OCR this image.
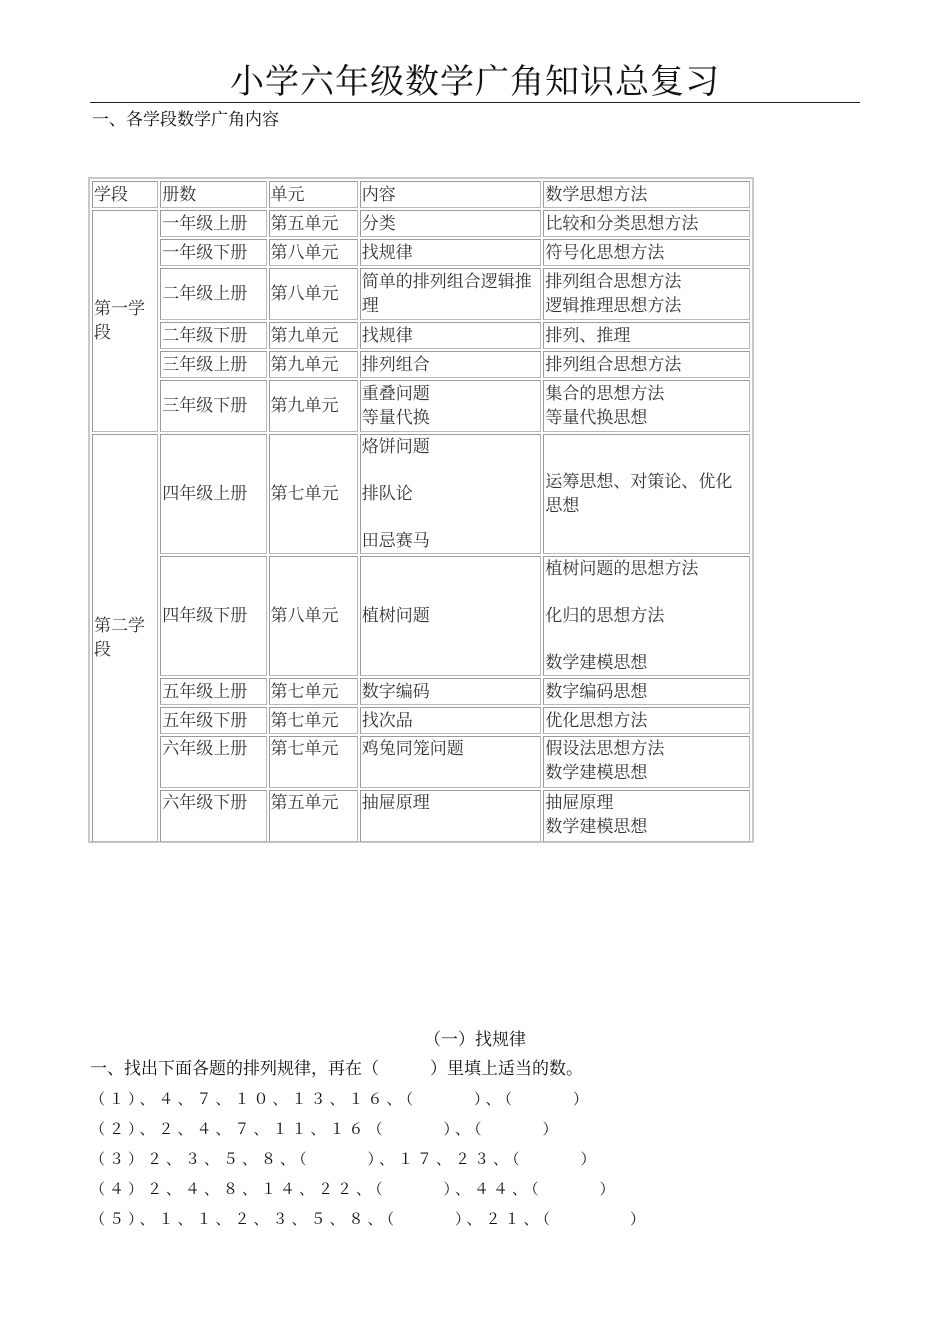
小学六年级数学广角知识总复习
一、各学段数学广角内容
学段	册数	单元	内容	数学思想方法
第一学段	一年级上册	第五单元	分类	比较和分类思想方法
	一年级下册	第八单元	找规律	符号化思想方法
	二年级上册	第八单元	简单的排列组合逻辑推理	排列组合思想方法
逻辑推理思想方法

	二年级下册	第九单元	找规律	排列、推理
	三年级上册	第九单元	排列组合	排列组合思想方法
	三年级下册	第九单元	重叠问题
等量代换	集合的思想方法
等量代换思想

第二学段	四年级上册	第七单元	烙饼问题
排队论
田忌赛马	运筹思想、对策论、优化思想
	四年级下册	第八单元	植树问题	植树问题的思想方法
化归的思想方法
数学建模思想

	五年级上册	第七单元	数字编码	数字编码思想
	五年级下册	第七单元	找次品	优化思想方法
	六年级上册	第七单元	鸡兔同笼问题	假设法思想方法
数学建模思想

	六年级下册	第五单元	抽屉原理	抽屉原理
数学建模思想
（一）找规律
一、找出下面各题的排列规律，再在（　　　）里填上适当的数。
（１）、４、７、１０、１３、１６、（　　　）、（　　　）
（２）、２、４、７、１１、１６（　　　）、（　　　）
（３）２、３、５、８、（　　　）、１７、２３、（　　　）
（４）２、４、８、１４、２２、（　　　）、４４、（　　　）
（５）、１、１、２、３、５、８、（　　　）、２１、（　　　　）
